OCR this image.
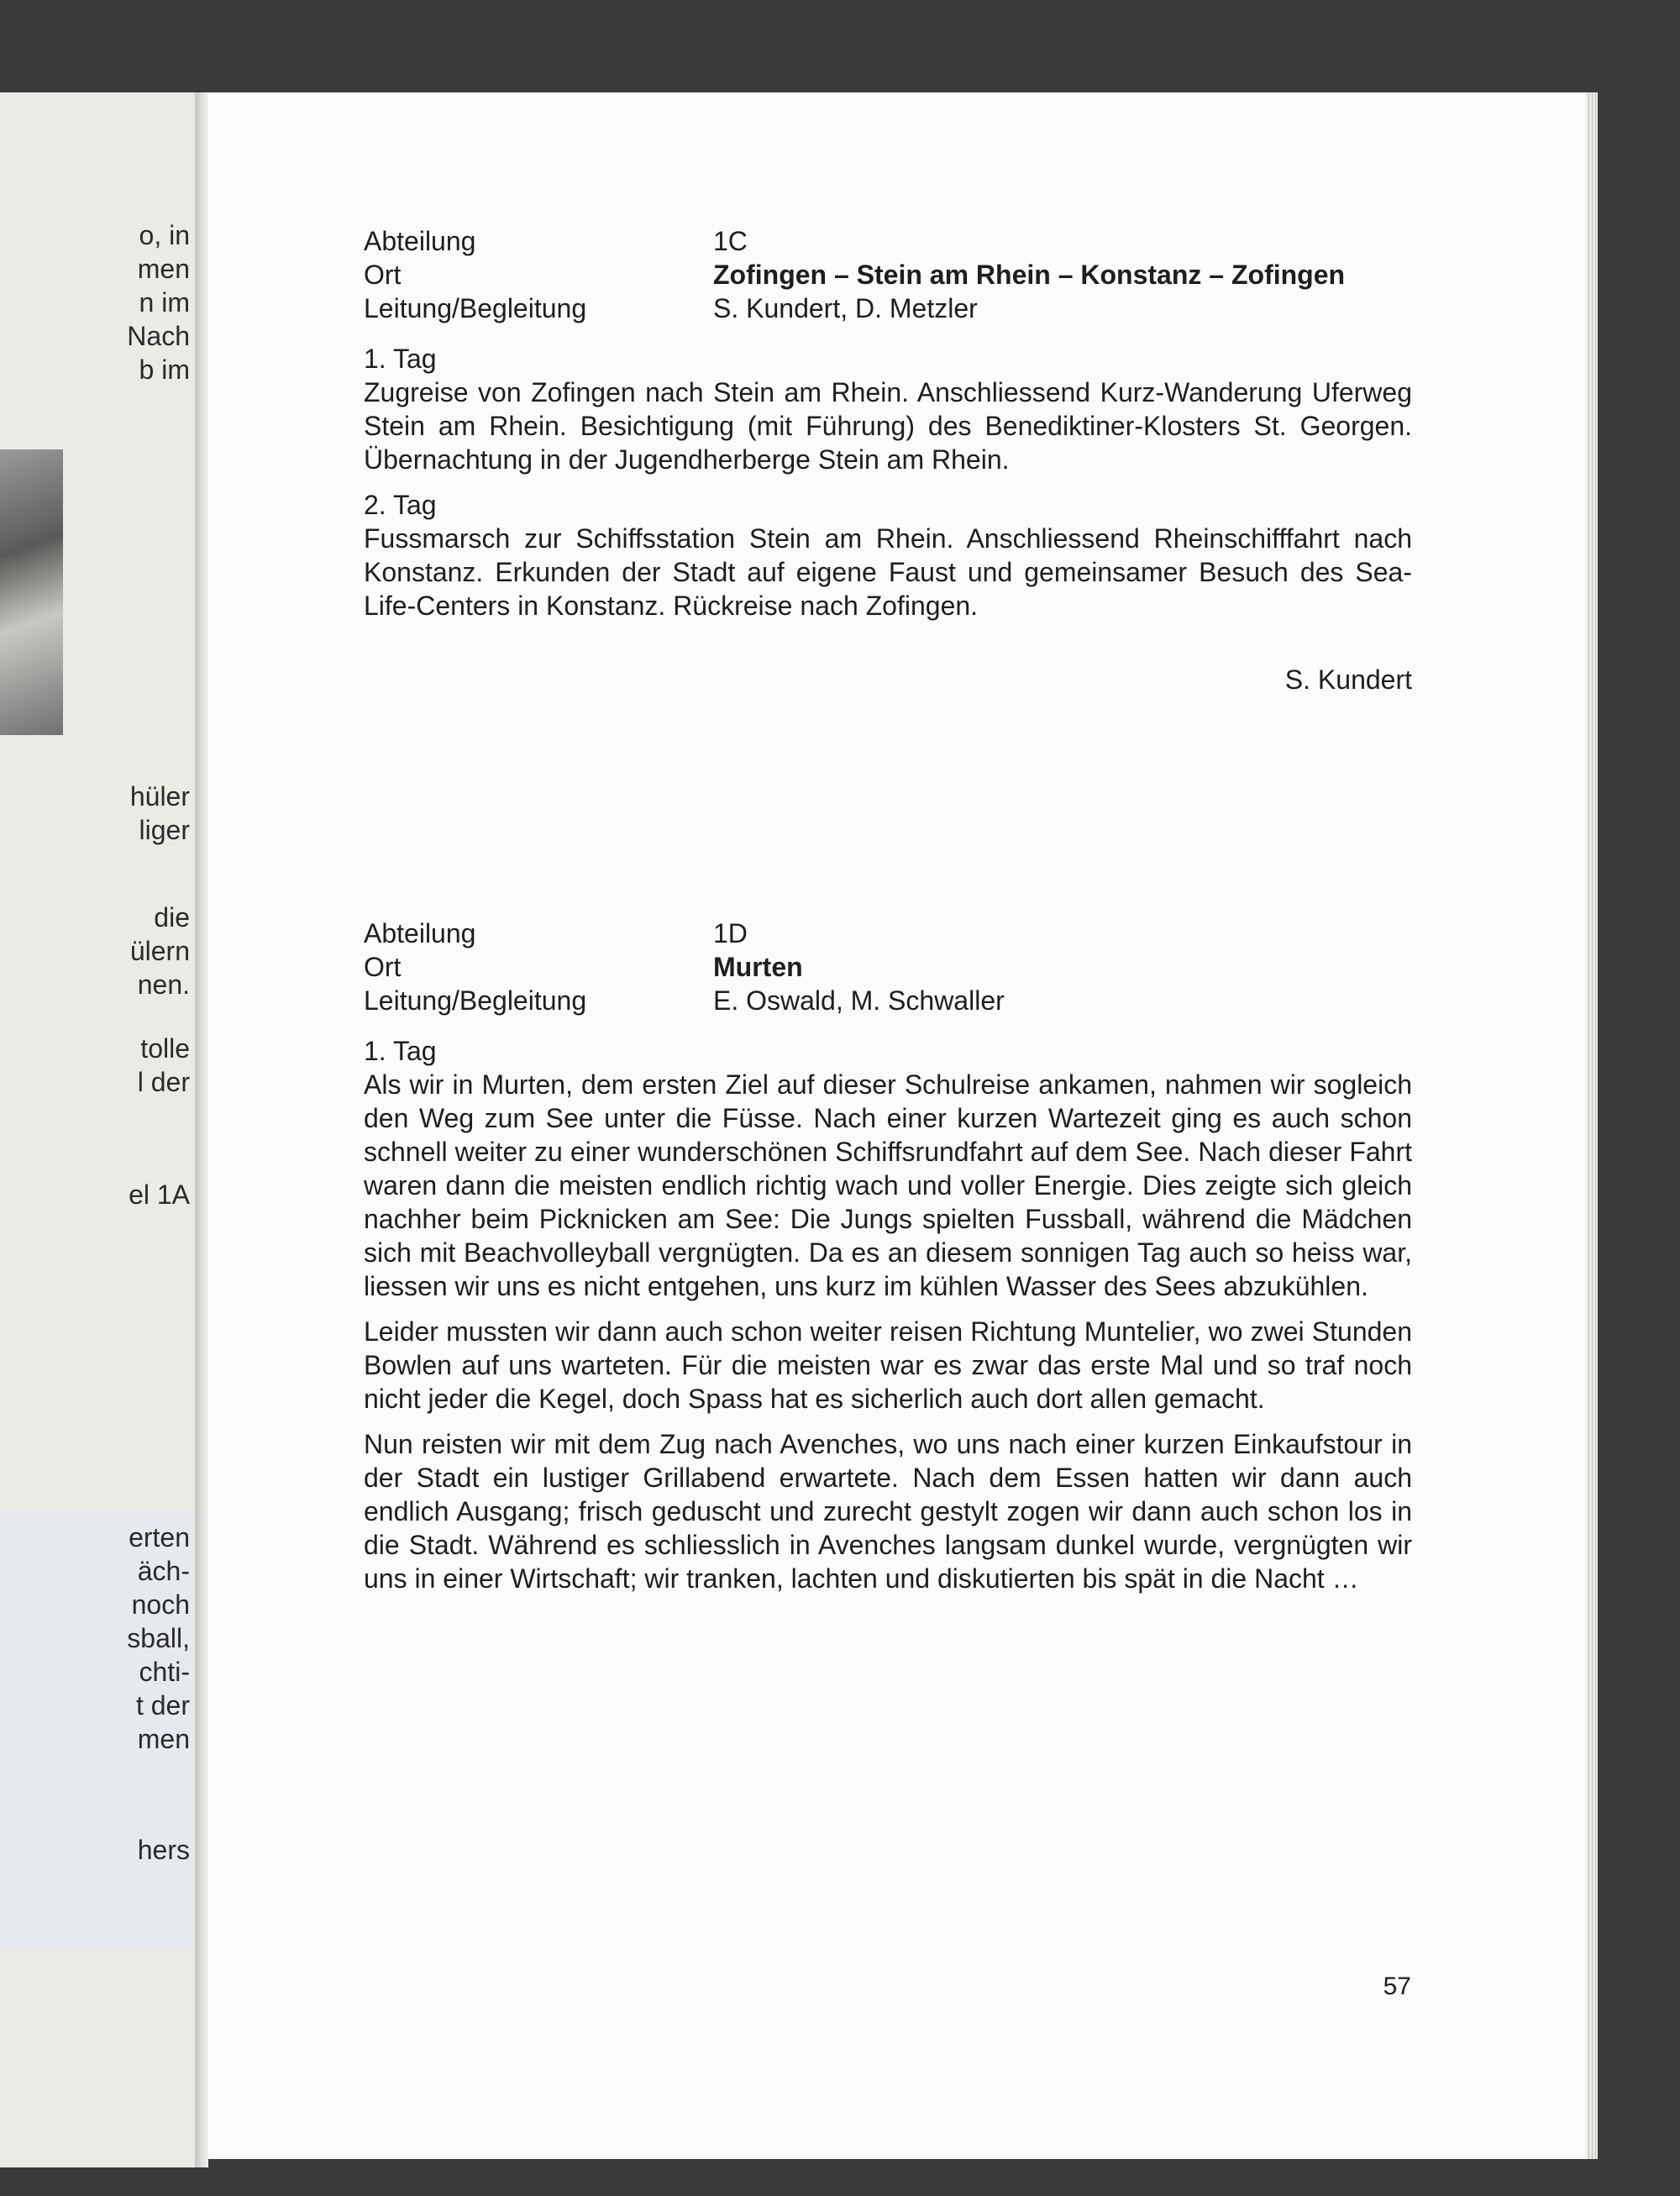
o, in
men
n im
Nach
b im
hüler
liger
die
ülern
nen.
tolle
l der
el 1A
erten
äch-
noch
sball,
chti-
t der
men
hers
Abteilung	1C
Ort	Zofingen – Stein am Rhein – Konstanz – Zofingen
Leitung/Begleitung	S. Kundert, D. Metzler
1. Tag

Zugreise von Zofingen nach Stein am Rhein. Anschliessend Kurz-Wanderung Uferweg Stein am Rhein. Besichtigung (mit Führung) des Benediktiner-Klosters St. Georgen. Übernachtung in der Jugendherberge Stein am Rhein.

2. Tag

Fussmarsch zur Schiffsstation Stein am Rhein. Anschliessend Rheinschifffahrt nach Konstanz. Erkunden der Stadt auf eigene Faust und gemeinsamer Besuch des Sea-Life-Centers in Konstanz. Rückreise nach Zofingen.

S. Kundert
Abteilung	1D
Ort	Murten
Leitung/Begleitung	E. Oswald, M. Schwaller
1. Tag

Als wir in Murten, dem ersten Ziel auf dieser Schulreise ankamen, nahmen wir sogleich den Weg zum See unter die Füsse. Nach einer kurzen Wartezeit ging es auch schon schnell weiter zu einer wunderschönen Schiffsrundfahrt auf dem See. Nach dieser Fahrt waren dann die meisten endlich richtig wach und voller Energie. Dies zeigte sich gleich nachher beim Picknicken am See: Die Jungs spielten Fussball, während die Mädchen sich mit Beachvolleyball vergnügten. Da es an diesem sonnigen Tag auch so heiss war, liessen wir uns es nicht entgehen, uns kurz im kühlen Wasser des Sees abzukühlen.

Leider mussten wir dann auch schon weiter reisen Richtung Muntelier, wo zwei Stunden Bowlen auf uns warteten. Für die meisten war es zwar das erste Mal und so traf noch nicht jeder die Kegel, doch Spass hat es sicherlich auch dort allen gemacht.

Nun reisten wir mit dem Zug nach Avenches, wo uns nach einer kurzen Einkaufstour in der Stadt ein lustiger Grillabend erwartete. Nach dem Essen hatten wir dann auch endlich Ausgang; frisch geduscht und zurecht gestylt zogen wir dann auch schon los in die Stadt. Während es schliesslich in Avenches langsam dunkel wurde, vergnügten wir uns in einer Wirtschaft; wir tranken, lachten und diskutierten bis spät in die Nacht …

57
